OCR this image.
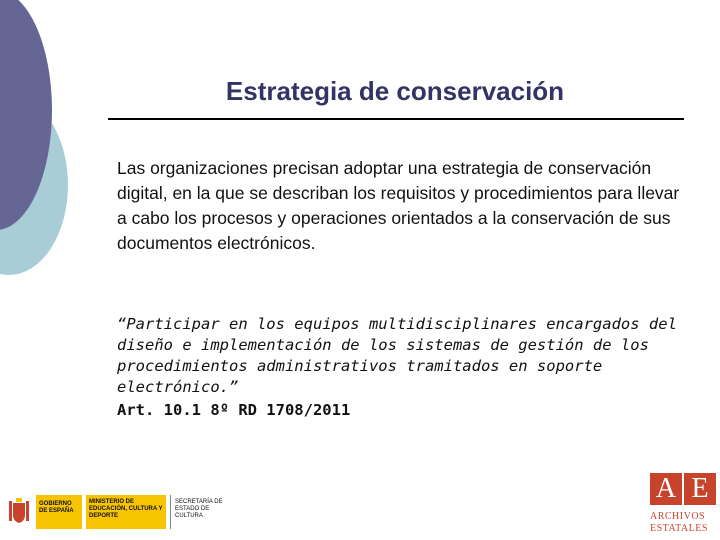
Estrategia de conservación

Las organizaciones precisan adoptar una estrategia de conservación digital, en la que se describan los requisitos y procedimientos para llevar a cabo los procesos y operaciones orientados a la conservación de sus documentos electrónicos.

“Participar en los equipos multidisciplinares encargados del diseño e implementación de los sistemas de gestión de los procedimientos administrativos tramitados en soporte electrónico.”
Art. 10.1 8º RD 1708/2011
GOBIERNO DE ESPAÑA
MINISTERIO DE EDUCACIÓN, CULTURA Y DEPORTE
SECRETARÍA DE ESTADO DE CULTURA
A E
ARCHIVOS ESTATALES
